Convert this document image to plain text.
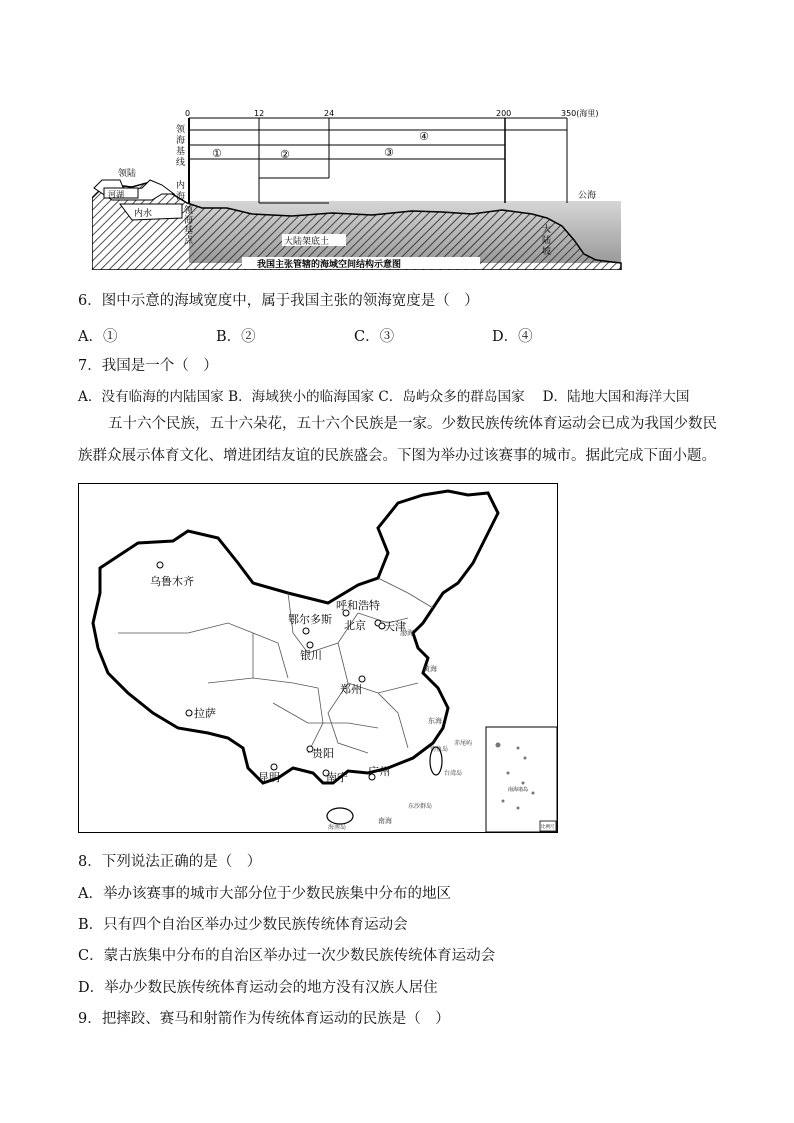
0	12	24	200	350(海里)
①	②	③
④
领
海
基
线
领陆
河湖
内
海
内水	领
海
基
点	大陆架底土
大
陆
坡
公海
我国主张管辖的海域空间结构示意图
6．图中示意的海域宽度中，属于我国主张的领海宽度是（　）
A．①	B．②	C．③	D．④
7．我国是一个（　）
A．没有临海的内陆国家 B．海域狭小的临海国家 C．岛屿众多的群岛国家　 D．陆地大国和海洋大国
五十六个民族，五十六朵花，五十六个民族是一家。少数民族传统体育运动会已成为我国少数民族群众展示体育文化、增进团结友谊的民族盛会。下图为举办过该赛事的城市。据此完成下面小题。
乌鲁木齐
呼和浩特
鄂尔多斯 北京 天津
银川
郑州
拉萨
贵阳
昆明	南宁 广州
渤海
黄海
东海
南海
钓鱼岛
赤尾屿
台湾岛
东沙群岛
海南岛
南海诸岛
比例尺
8．下列说法正确的是（　）
A．举办该赛事的城市大部分位于少数民族集中分布的地区
B．只有四个自治区举办过少数民族传统体育运动会
C．蒙古族集中分布的自治区举办过一次少数民族传统体育运动会
D．举办少数民族传统体育运动会的地方没有汉族人居住
9．把摔跤、赛马和射箭作为传统体育运动的民族是（　）
